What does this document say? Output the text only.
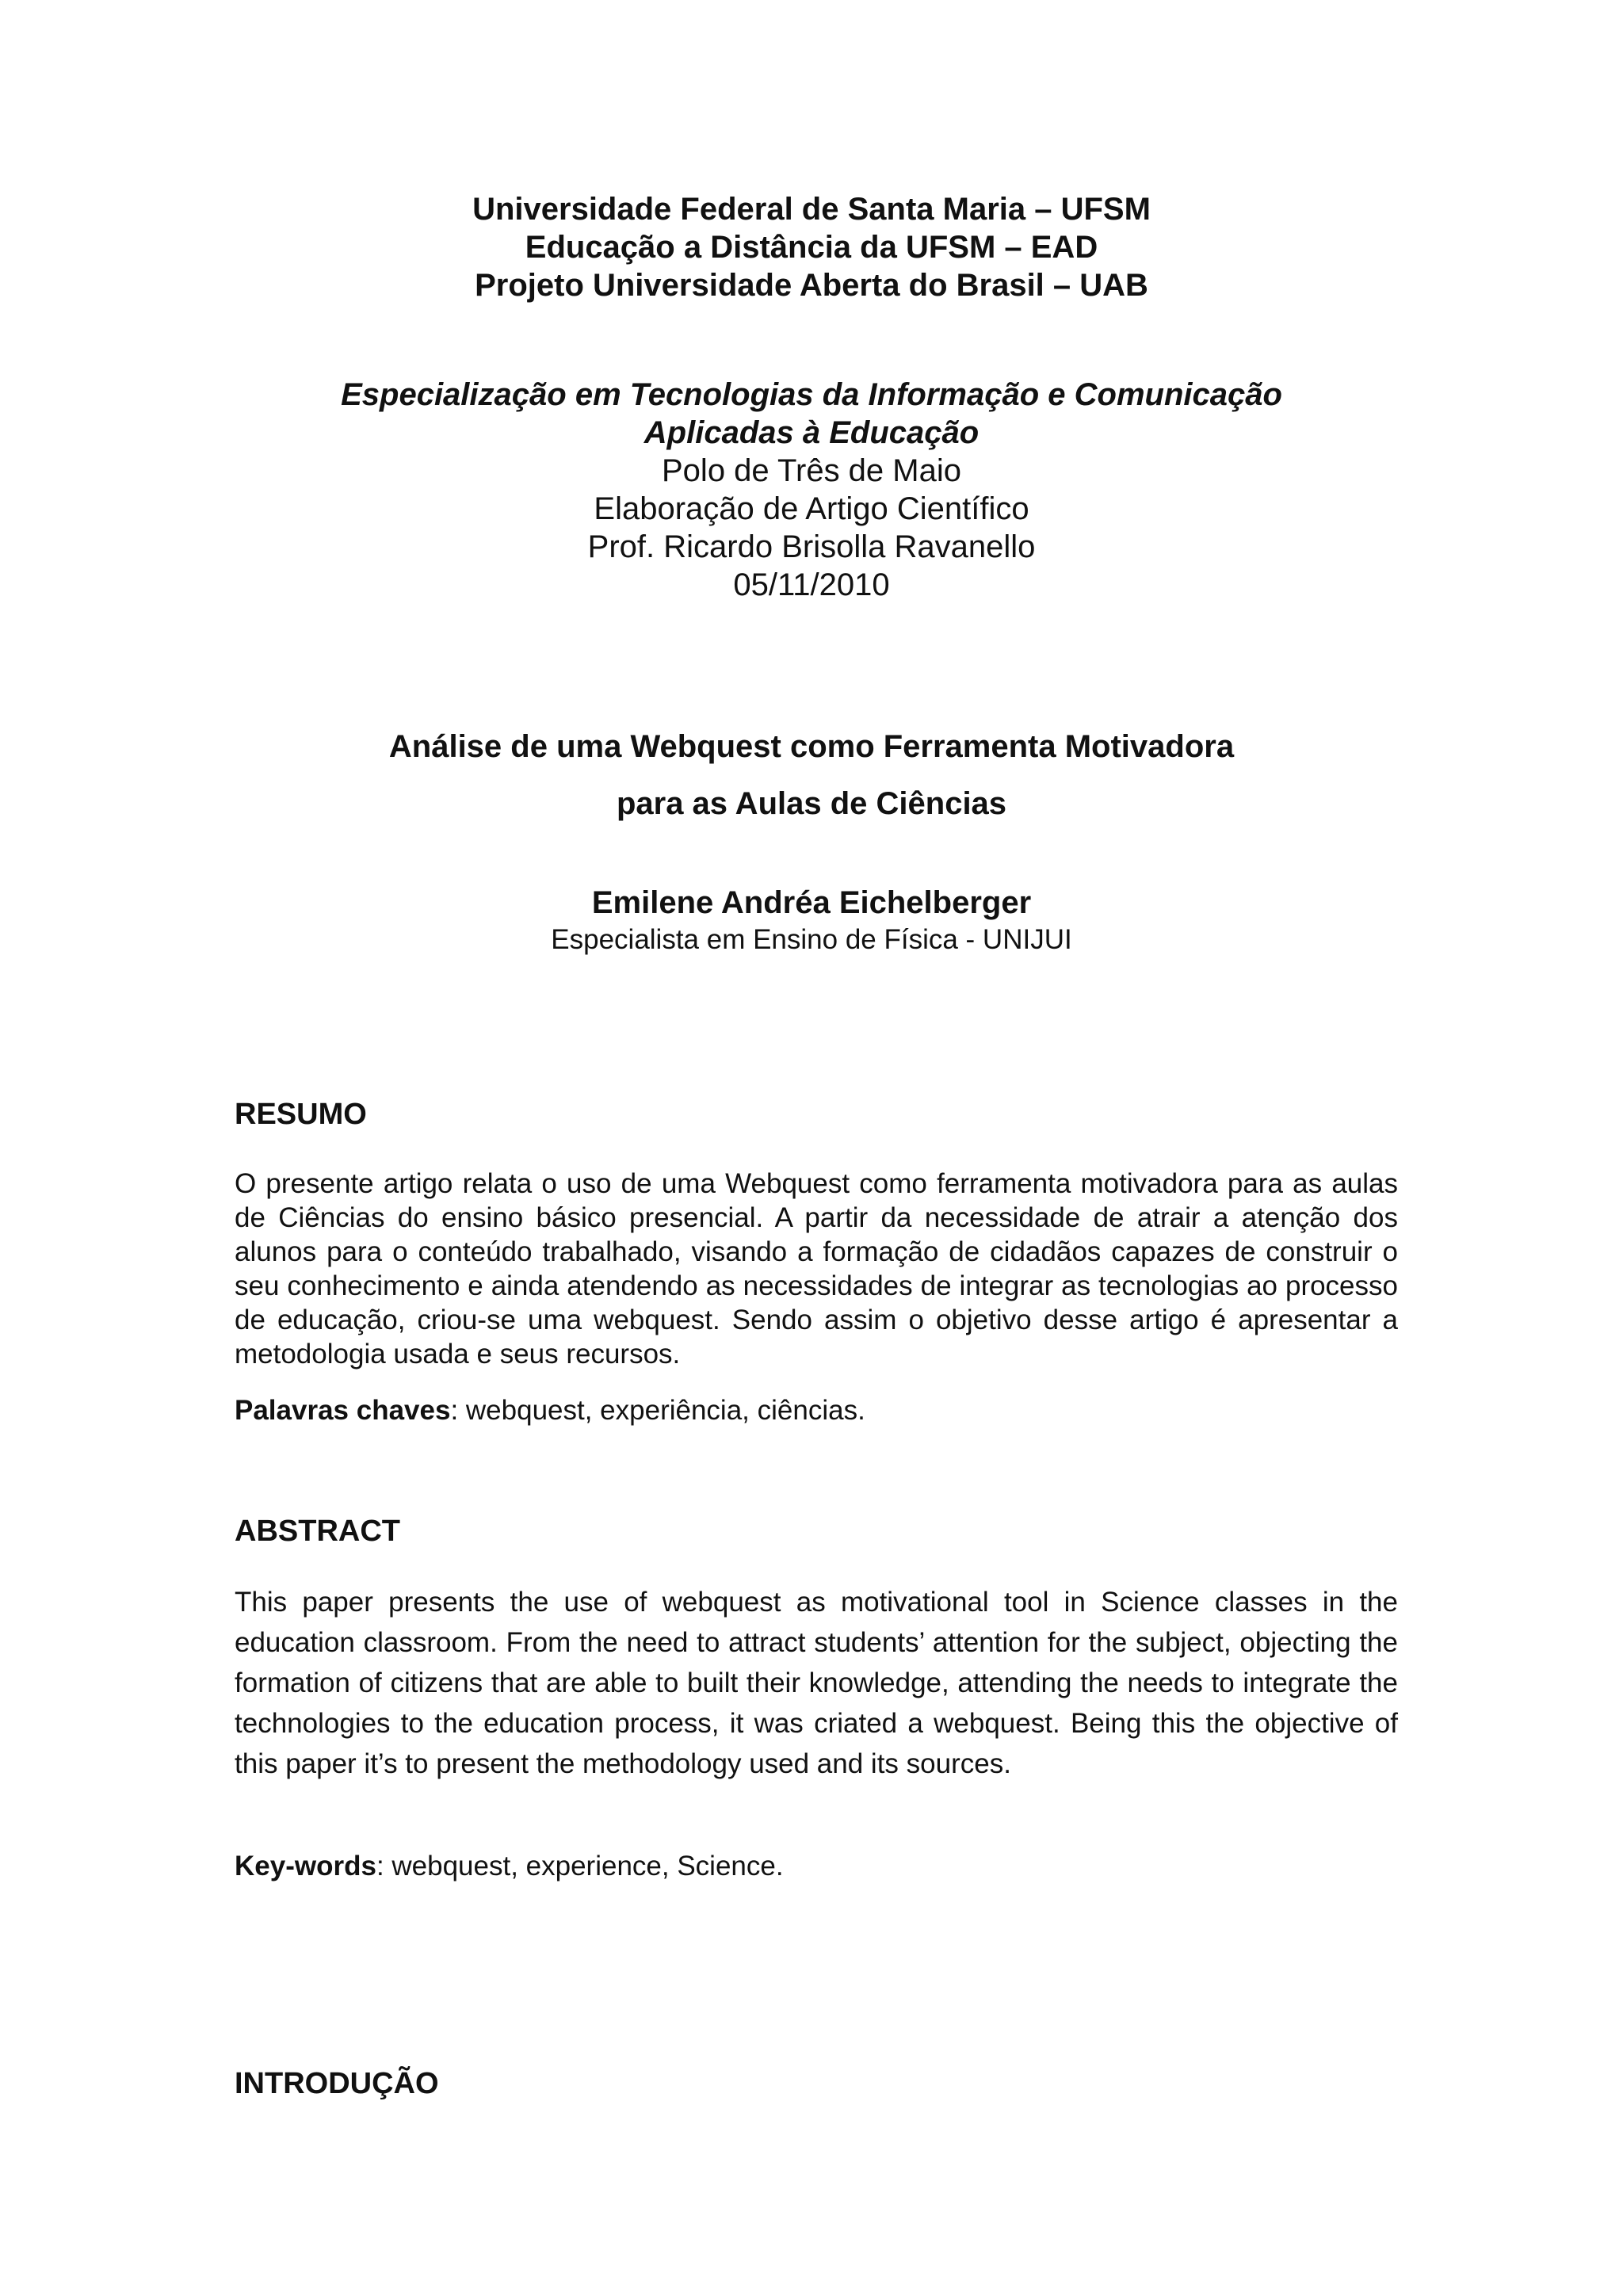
Universidade Federal de Santa Maria – UFSM
Educação a Distância da UFSM – EAD
Projeto Universidade Aberta do Brasil – UAB
Especialização em Tecnologias da Informação e Comunicação
Aplicadas à Educação
Polo de Três de Maio
Elaboração de Artigo Científico
Prof. Ricardo Brisolla Ravanello
05/11/2010
Análise de uma Webquest como Ferramenta Motivadora
para as Aulas de Ciências
Emilene Andréa Eichelberger
Especialista em Ensino de Física - UNIJUI
RESUMO

O presente artigo relata o uso de uma Webquest como ferramenta motivadora para as aulas de Ciências do ensino básico presencial. A partir da necessidade de atrair a atenção dos alunos para o conteúdo trabalhado, visando a formação de cidadãos capazes de construir o seu conhecimento e ainda atendendo as necessidades de integrar as tecnologias ao processo de educação, criou-se uma webquest. Sendo assim o objetivo desse artigo é apresentar a metodologia usada e seus recursos.

Palavras chaves: webquest, experiência, ciências.
ABSTRACT

This paper presents the use of webquest as motivational tool in Science classes in the education classroom. From the need to attract students’ attention for the subject, objecting the formation of citizens that are able to built their knowledge, attending the needs to integrate the technologies to the education process, it was criated a webquest. Being this the objective of this paper it’s to present the methodology used and its sources.

Key-words: webquest, experience, Science.
INTRODUÇÃO
